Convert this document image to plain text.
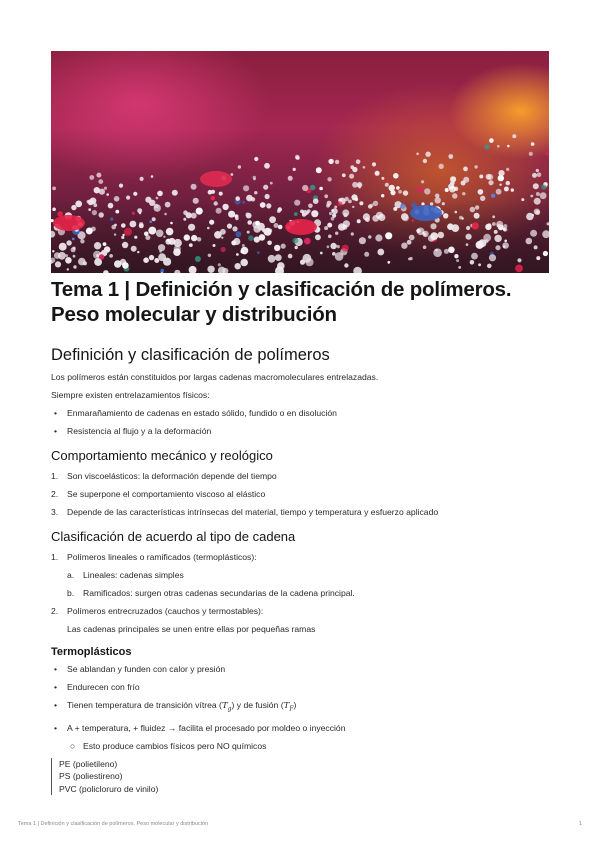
Tema 1 | Definición y clasificación de polímeros.
Peso molecular y distribución
Definición y clasificación de polímeros

Los polímeros están constituidos por largas cadenas macromoleculares entrelazadas.

Siempre existen entrelazamientos físicos:

•	Enmarañamiento de cadenas en estado sólido, fundido o en disolución
•	Resistencia al flujo y a la deformación
Comportamiento mecánico y reológico
1.	Son viscoelásticos: la deformación depende del tiempo
2.	Se superpone el comportamiento viscoso al elástico
3.	Depende de las características intrínsecas del material, tiempo y temperatura y esfuerzo aplicado
Clasificación de acuerdo al tipo de cadena
1.	Polímeros lineales o ramificados (termoplásticos):
a.	Lineales: cadenas simples
b.	Ramificados: surgen otras cadenas secundarias de la cadena principal.
2.	Polímeros entrecruzados (cauchos y termostables):
Las cadenas principales se unen entre ellas por pequeñas ramas
Termoplásticos
•	Se ablandan y funden con calor y presión
•	Endurecen con frío
•	Tienen temperatura de transición vítrea $(T_g)$ y de fusión $(T_F)$
•	A + temperatura, + fluidez → facilita el procesado por moldeo o inyección
○ Esto produce cambios físicos pero NO químicos
PE (polietileno)
PS (poliestireno)
PVC (policloruro de vinilo)
Tema 1 | Definición y clasificación de polímeros. Peso molecular y distribución	1
